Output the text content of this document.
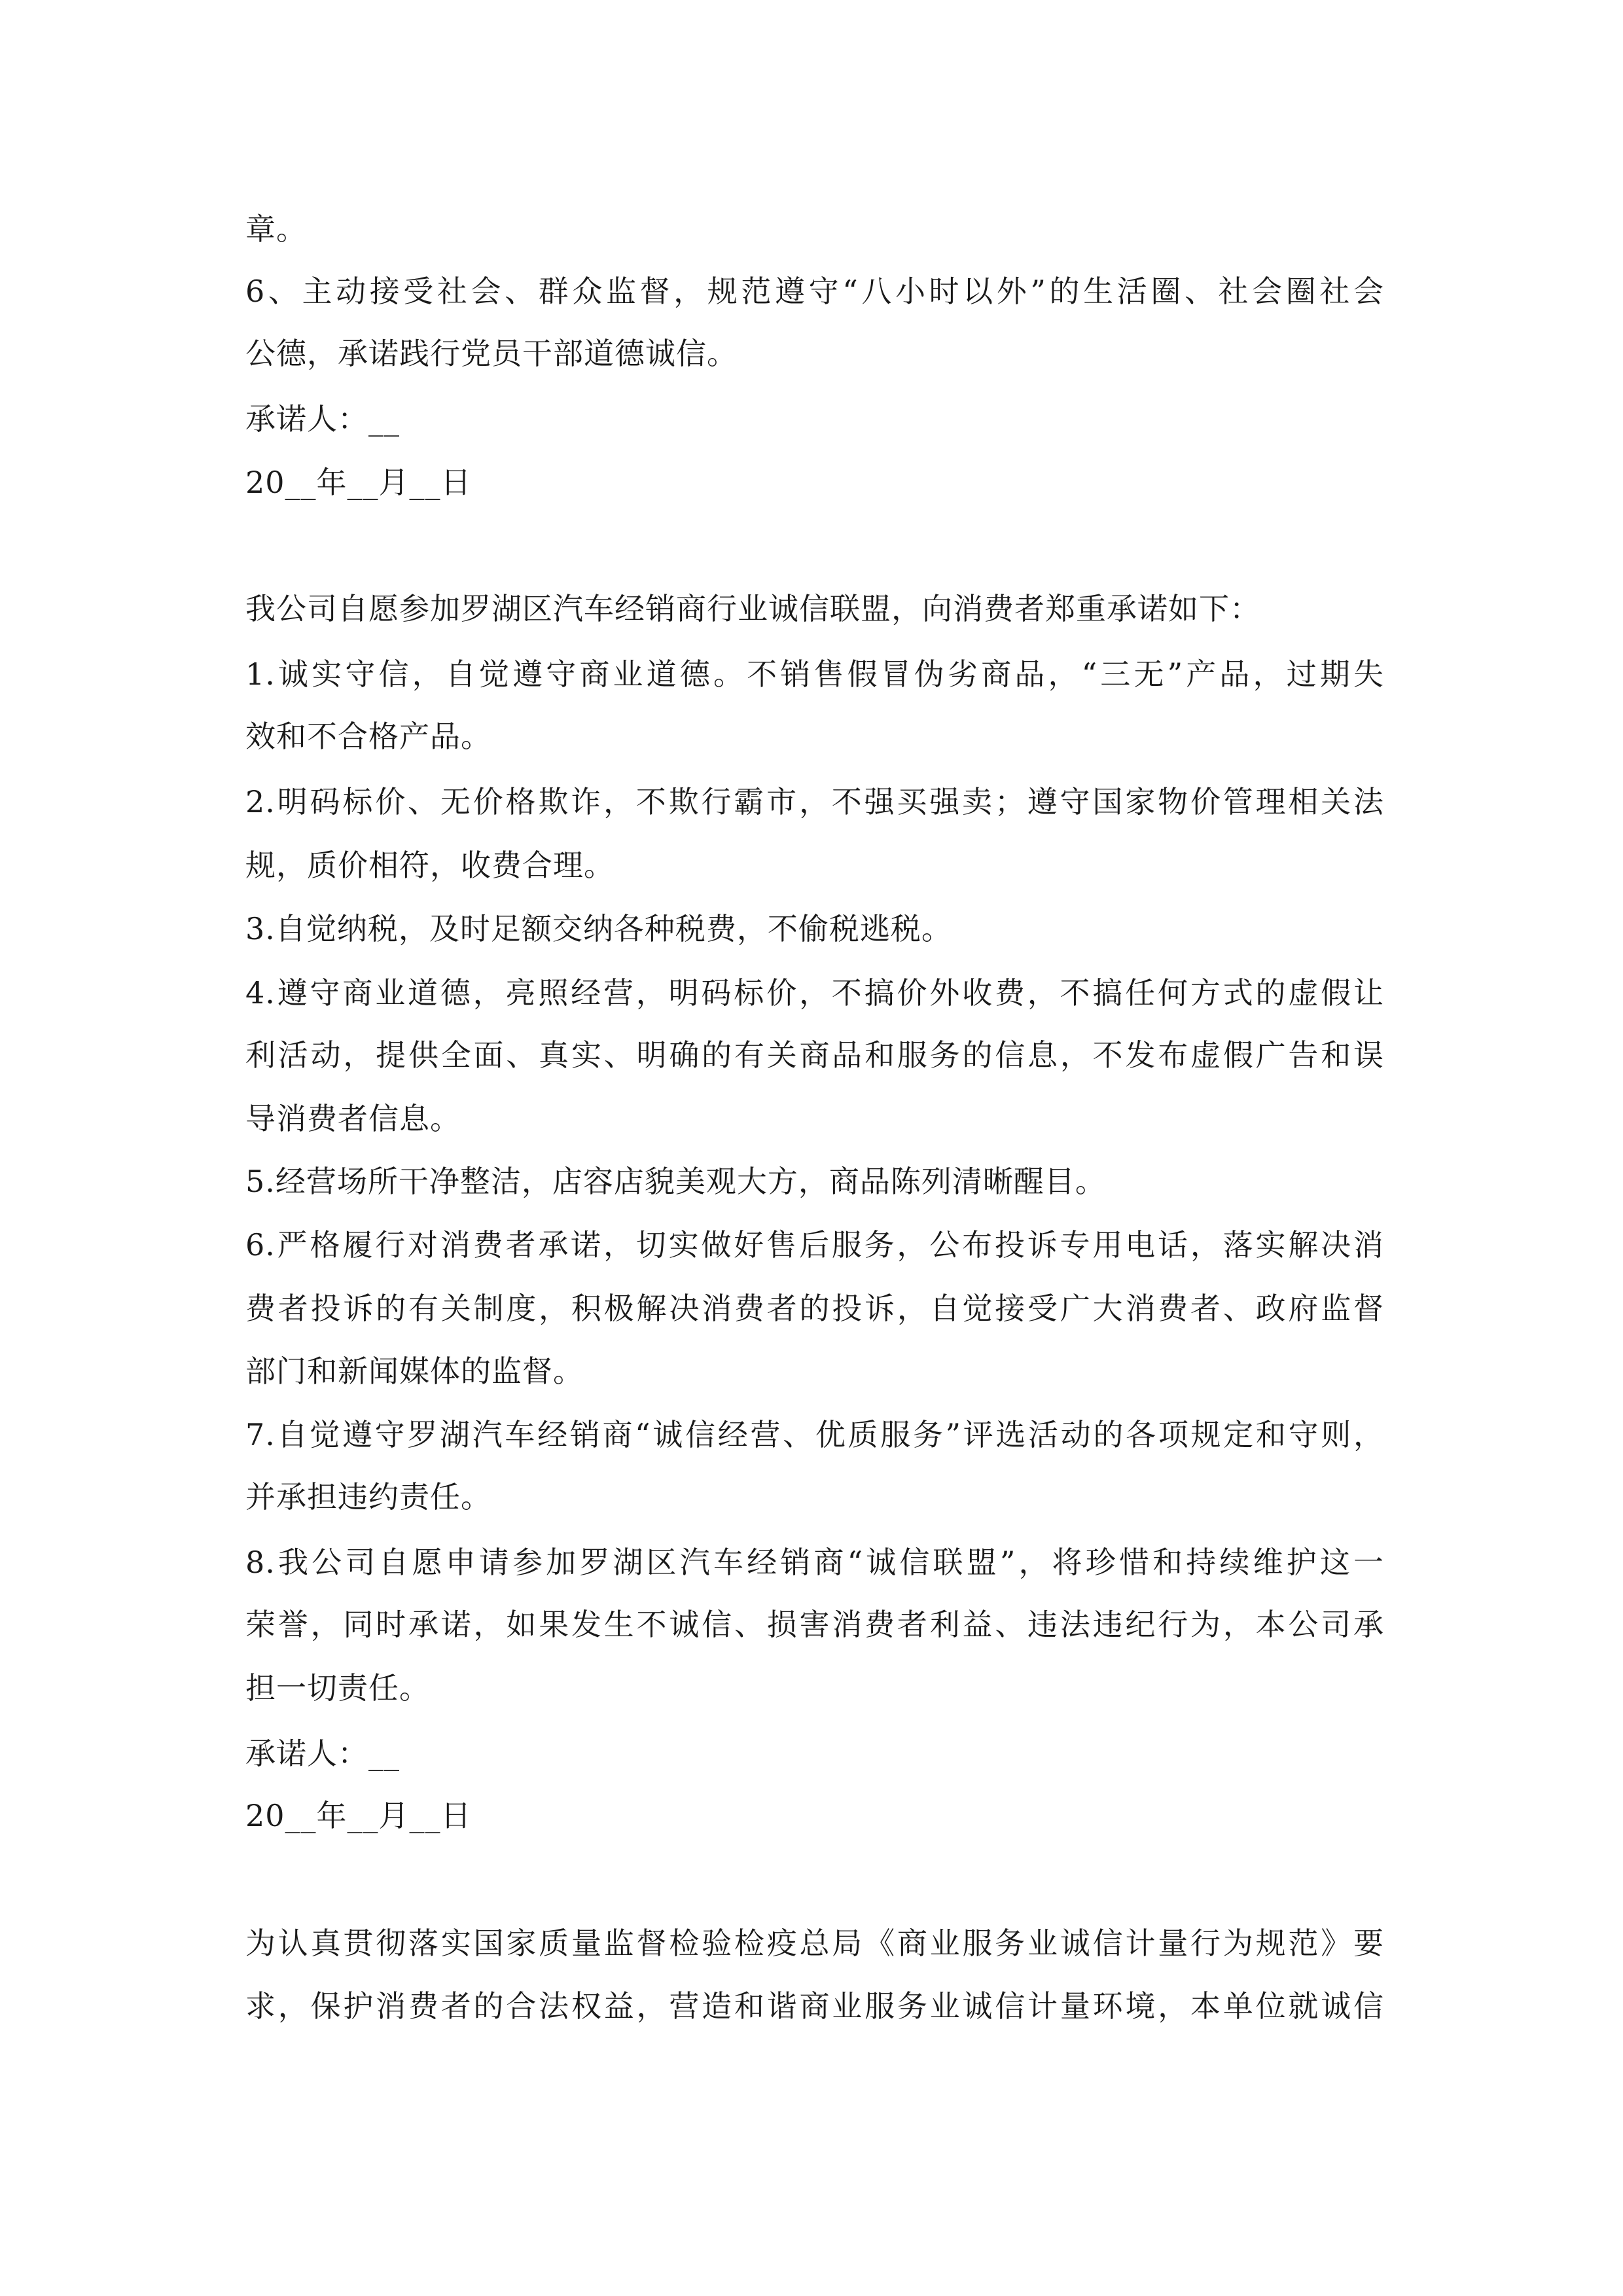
章。

6、主动接受社会、群众监督，规范遵守“八小时以外”的生活圈、社会圈社会

公德，承诺践行党员干部道德诚信。

承诺人：__

20__年__月__日

我公司自愿参加罗湖区汽车经销商行业诚信联盟，向消费者郑重承诺如下：

1.诚实守信，自觉遵守商业道德。不销售假冒伪劣商品，“三无”产品，过期失

效和不合格产品。

2.明码标价、无价格欺诈，不欺行霸市，不强买强卖；遵守国家物价管理相关法

规，质价相符，收费合理。

3.自觉纳税，及时足额交纳各种税费，不偷税逃税。

4.遵守商业道德，亮照经营，明码标价，不搞价外收费，不搞任何方式的虚假让

利活动，提供全面、真实、明确的有关商品和服务的信息，不发布虚假广告和误

导消费者信息。

5.经营场所干净整洁，店容店貌美观大方，商品陈列清晰醒目。

6.严格履行对消费者承诺，切实做好售后服务，公布投诉专用电话，落实解决消

费者投诉的有关制度，积极解决消费者的投诉，自觉接受广大消费者、政府监督

部门和新闻媒体的监督。

7.自觉遵守罗湖汽车经销商“诚信经营、优质服务”评选活动的各项规定和守则，

并承担违约责任。

8.我公司自愿申请参加罗湖区汽车经销商“诚信联盟”，将珍惜和持续维护这一

荣誉，同时承诺，如果发生不诚信、损害消费者利益、违法违纪行为，本公司承

担一切责任。

承诺人：__

20__年__月__日

为认真贯彻落实国家质量监督检验检疫总局《商业服务业诚信计量行为规范》要

求，保护消费者的合法权益，营造和谐商业服务业诚信计量环境，本单位就诚信
